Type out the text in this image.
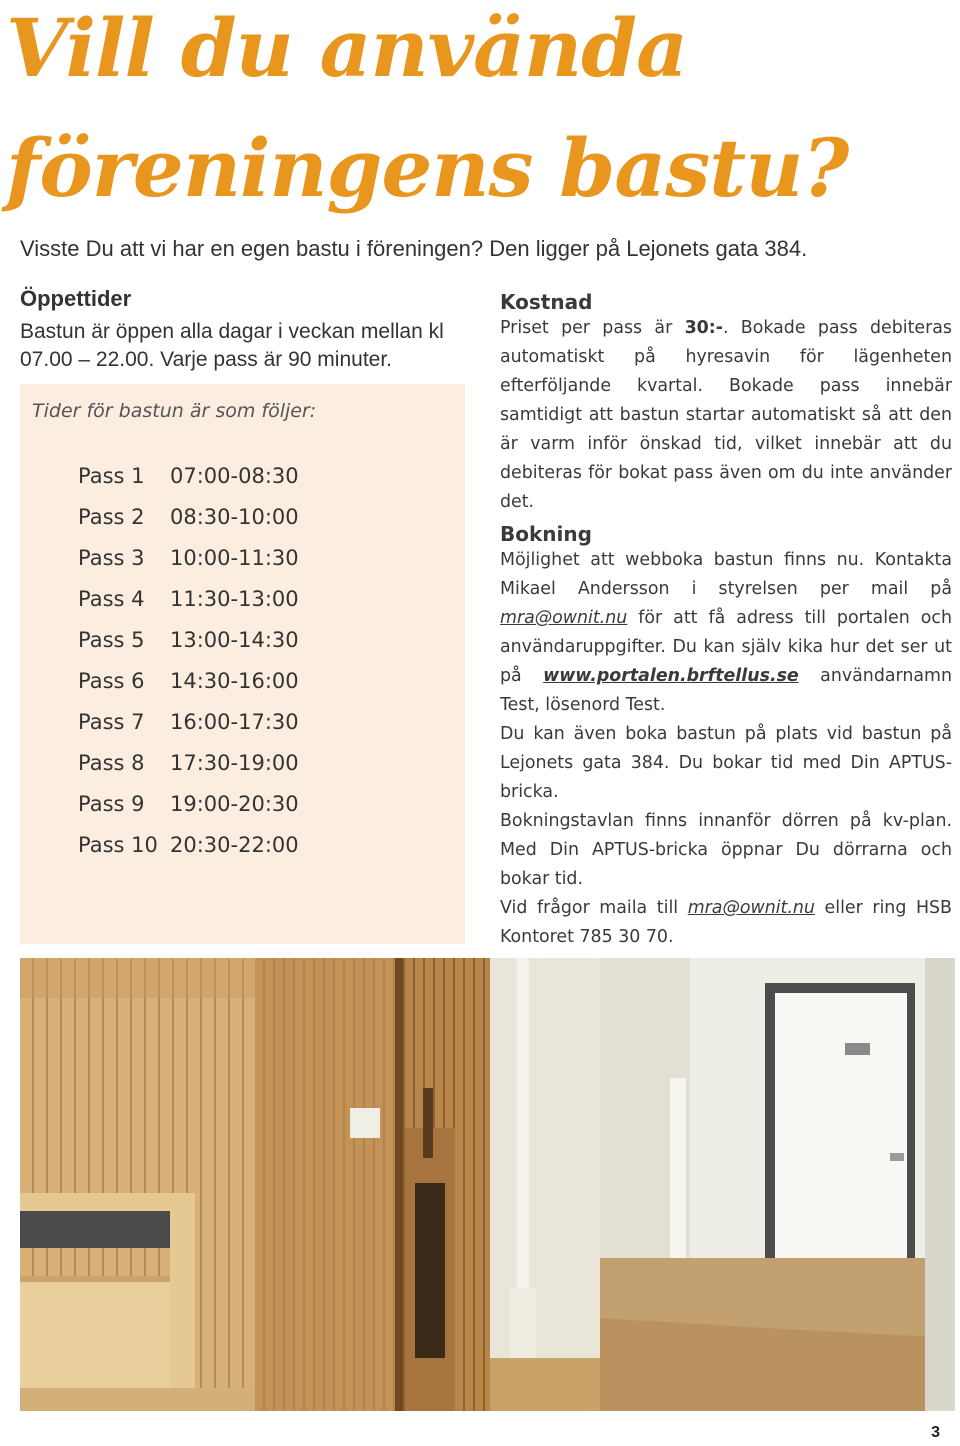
Vill du använda
föreningens bastu?

Visste Du att vi har en egen bastu i föreningen? Den ligger på Lejonets gata 384.

Öppettider

Bastun är öppen alla dagar i veckan mellan kl 07.00 – 22.00. Varje pass är 90 minuter.

Tider för bastun är som följer:

Pass 1 07:00-08:30
Pass 2 08:30-10:00
Pass 3 10:00-11:30
Pass 4 11:30-13:00
Pass 5 13:00-14:30
Pass 6 14:30-16:00
Pass 7 16:00-17:30
Pass 8 17:30-19:00
Pass 9 19:00-20:30
Pass 10 20:30-22:00
Kostnad

Priset per pass är 30:-. Bokade pass debiteras automatiskt på hyresavin för lägenheten efterföljande kvartal. Bokade pass innebär samtidigt att bastun startar automatiskt så att den är varm inför önskad tid, vilket innebär att du debiteras för bokat pass även om du inte använder det.

Bokning

Möjlighet att webboka bastun finns nu. Kontakta Mikael Andersson i styrelsen per mail på mra@ownit.nu för att få adress till portalen och användaruppgifter. Du kan själv kika hur det ser ut på www.portalen.brftellus.se användarnamn Test, lösenord Test.

Du kan även boka bastun på plats vid bastun på Lejonets gata 384. Du bokar tid med Din APTUS-bricka.

Bokningstavlan finns innanför dörren på kv-plan. Med Din APTUS-bricka öppnar Du dörrarna och bokar tid.

Vid frågor maila till mra@ownit.nu eller ring HSB Kontoret 785 30 70.

3
